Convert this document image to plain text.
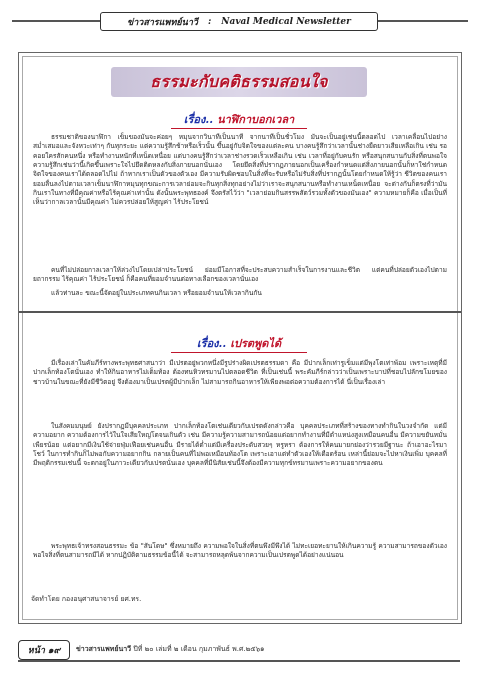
ข่าวสารแพทย์นาวี : Naval Medical Newsletter
ธรรมะกับคติธรรมสอนใจ
เรื่อง.. นาฬิกาบอกเวลา

ธรรมชาติของนาฬิกา เข็มของมันจะค่อยๆ หมุนจากวินาทีเป็นนาที จากนาทีเป็นชั่วโมง มันจะเป็นอยู่เช่นนี้ตลอดไป เวลาเคลื่อนไปอย่างสม่ำเสมอและจังหวะเท่าๆ กันทุกระยะ แต่ความรู้สึกช้าหรือเร็วนั้น ขึ้นอยู่กับจิตใจของแต่ละคน บางคนรู้สึกว่าเวลานั้นช่างยืดยาวเสียเหลือเกิน เช่น รอคอยใครสักคนหนึ่ง หรือทำงานหนักที่เหน็ดเหนื่อย แต่บางคนรู้สึกว่าเวลาช่างรวดเร็วเหลือเกิน เช่น เวลาที่อยู่กับคนรัก หรือสนุกสนานกับสิ่งที่ตนพอใจ ความรู้สึกเช่นว่านี้เกิดขึ้นเพราะใจไปยึดติดหลงกับสิ่งภายนอกนั่นเอง โดยยึดสิ่งที่ปรากฏภายนอกเป็นเครื่องกำหนดแต่สิ่งภายนอกนั้นก็หาใช่กำหนดจิตใจของคนเราได้ตลอดไปไม่ ถ้าหากเราเป็นตัวของตัวเอง มีความรับผิดชอบในสิ่งที่จะรับหรือไม่รับสิ่งที่ปรากฏนั้นโดยกำหนดให้รู้ว่า ชีวิตของคนเรายอมลื่นลงไปตามเวลาเข็มนาฬิกาหมุนทุกขณะการเวลาย่อมจะกินทุกสิ่งทุกอย่างไม่ว่าเราจะสนุกสนานหรือทำงานเหน็ดเหนื่อย จะต่างกันก็ตรงที่ว่ามันกินเราในทางที่มีคุณค่าหรือไร้คุณค่าเท่านั้น ดังนั้นพระพุทธองค์ จึงตรัสไว้ว่า "เวลาย่อมกินสรรพสัตว์รวมทั้งตัวของมันเอง" ความหมายก็คือ เมื่อเป็นที่เห็นว่ากาลเวลานั้นมีคุณค่า ไม่ควรปล่อยให้สูญค่า ไร้ประโยชน์

คนที่ไม่ปล่อยกาลเวลาให้ล่วงไปโดยเปล่าประโยชน์ ย่อมมีโอกาสที่จะประสบความสำเร็จในการงานและชีวิต แต่คนที่ปล่อยตัวเองไปตามยถากรรม ไร้คุณค่า ไร้ประโยชน์ ก็คือคนที่ยอมจำนนต่อทางเลือกของเวลานั่นเอง

แล้วท่านละ ขณะนี้จัดอยู่ในประเภทคนกินเวลา หรือยอมจำนนให้เวลากินกัน

เรื่อง.. เปรตพูดได้

มีเรื่องเล่าในคัมภีร์ทางพระพุทธศาสนาว่า มีเปรตอยู่พวกหนึ่งมีรูปร่างผิดเปรตธรรมดา คือ มีปากเล็กเท่ารูเข็มแต่มีพุงโตเท่าพ้อม เพราะเหตุที่มีปากเล็กท้องโตนั่นเอง ทำให้กินอาหารไม่เต็มท้อง ต้องทนหิวทรมานไปตลอดชีวิต ที่เป็นเช่นนี้ พระคัมภีร์กล่าวว่าเป็นเพราะบาปที่ชอบไปลักขโมยของชาวบ้านในขณะที่ยังมีชีวิตอยู่ จึงต้องมาเป็นเปรตผู้มีปากเล็ก ไม่สามารถกินอาหารให้เพียงพอต่อความต้องการได้ นี่เป็นเรื่องเล่า

ในสังคมมนุษย์ ยังปรากฏมีบุคคลประเภท ปากเล็กท้องโตเช่นเดียวกับเปรตดังกล่าวคือ บุคคลประเภทที่สร้างของทางทำกินในวงจำกัด แต่มีความอยาก ความต้องการไว้ในใจเสียใหญ่โตจนเกินตัว เช่น มีความรู้ความสามารถน้อยแต่อยากทำงานที่มีตำแหน่งสูงเหมือนคนอื่น มีความขยันหมั่นเพียรน้อย แต่อยากมีเงินใช้จ่ายฟุ่มเฟือยเช่นคนอื่น มีรายได้ต่ำแต่มีเครื่องประดับสวยๆ หรูหรา ต้องการให้คนมายกย่องว่ารวยมีฐานะ ถ้าเอาอะไรมาโชว์ ในการทำกินก็ไม่พอกับความอยากกิน กลายเป็นคนที่ไม่พอเหมือนท้องโต เพราะเอาแต่ทำตัวเองให้เดือดร้อน เหล่านี้ย่อมจะไปหาเงินเพิ่ม บุคคลที่มีพฤติกรรมเช่นนี้ จะตกอยู่ในภาวะเดียวกับเปรตนั่นเอง บุคคลที่มีนิสัยเช่นนี้จึงต้องมีความทุกข์ทรมานเพราะความอยากของตน

พระพุทธเจ้าทรงสอนธรรมะ ข้อ "สันโดษ" ซึ่งหมายถึง ความพอใจในสิ่งที่ตนพึงมีพึงได้ ไม่ทะเยอทะยานให้เกินความรู้ ความสามารถของตัวเอง พอใจสิ่งที่ตนสามารถมีได้ หากปฏิบัติตามธรรมข้อนี้ได้ จะสามารถหลุดพ้นจากความเป็นเปรตพูดได้อย่างแน่นอน

จัดทำโดย กองอนุศาสนาจารย์ ยศ.ทร.
หน้า ๑๙ ข่าวสารแพทย์นาวี ปีที่ ๒๐ เล่มที่ ๒ เดือน กุมภาพันธ์ พ.ศ.๒๕๖๑
